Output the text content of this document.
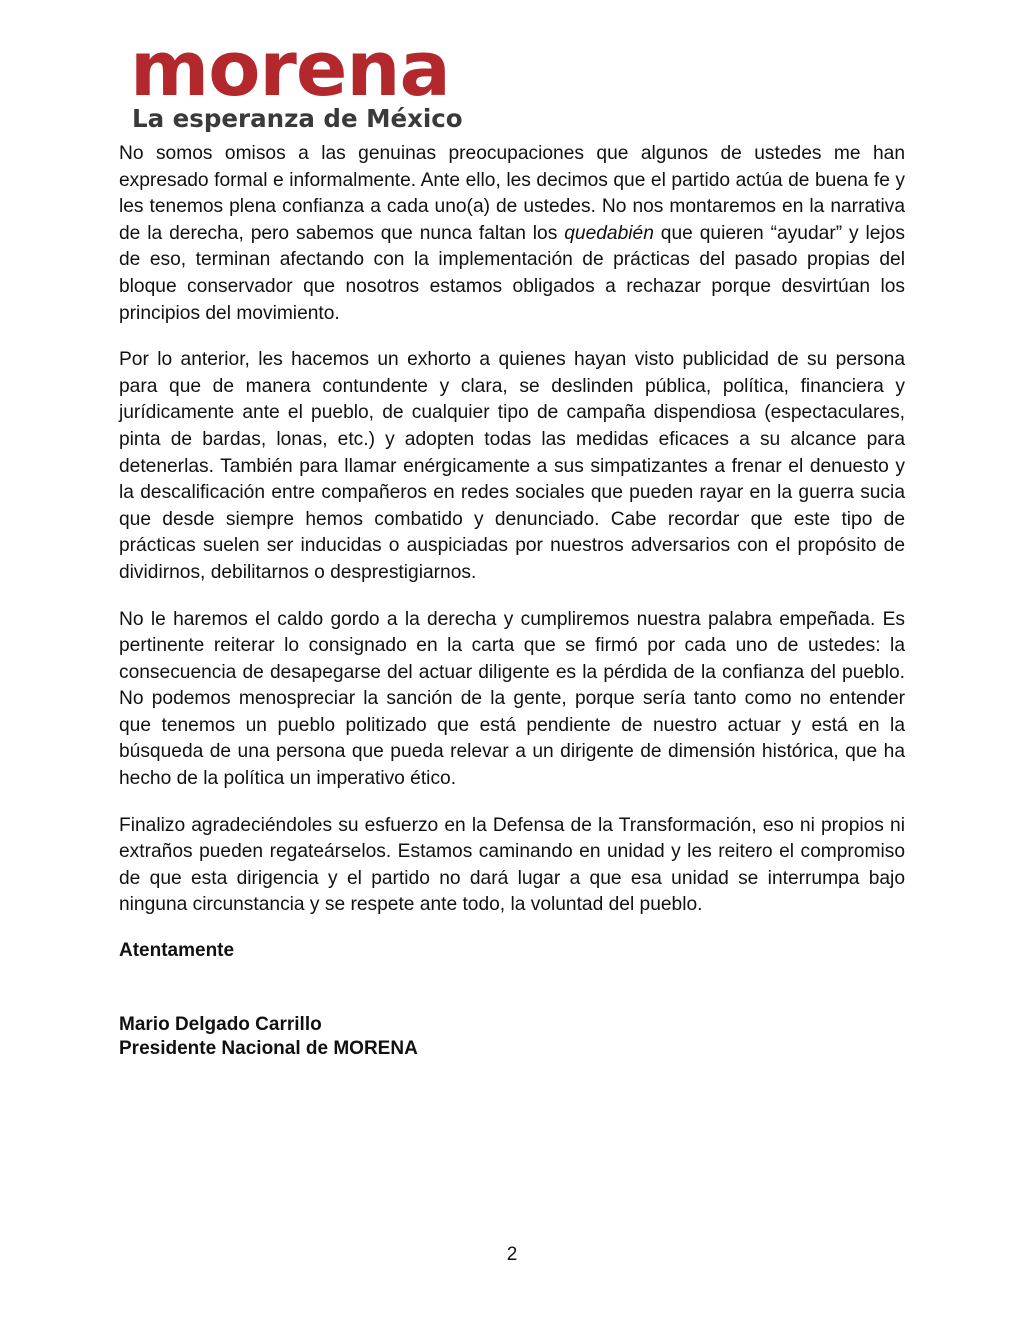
morena
La esperanza de México

No somos omisos a las genuinas preocupaciones que algunos de ustedes me han expresado formal e informalmente. Ante ello, les decimos que el partido actúa de buena fe y les tenemos plena confianza a cada uno(a) de ustedes. No nos montaremos en la narrativa de la derecha, pero sabemos que nunca faltan los quedabién que quieren “ayudar” y lejos de eso, terminan afectando con la implementación de prácticas del pasado propias del bloque conservador que nosotros estamos obligados a rechazar porque desvirtúan los principios del movimiento.

Por lo anterior, les hacemos un exhorto a quienes hayan visto publicidad de su persona para que de manera contundente y clara, se deslinden pública, política, financiera y jurídicamente ante el pueblo, de cualquier tipo de campaña dispendiosa (espectaculares, pinta de bardas, lonas, etc.) y adopten todas las medidas eficaces a su alcance para detenerlas. También para llamar enérgicamente a sus simpatizantes a frenar el denuesto y la descalificación entre compañeros en redes sociales que pueden rayar en la guerra sucia que desde siempre hemos combatido y denunciado. Cabe recordar que este tipo de prácticas suelen ser inducidas o auspiciadas por nuestros adversarios con el propósito de dividirnos, debilitarnos o desprestigiarnos.

No le haremos el caldo gordo a la derecha y cumpliremos nuestra palabra empeñada. Es pertinente reiterar lo consignado en la carta que se firmó por cada uno de ustedes: la consecuencia de desapegarse del actuar diligente es la pérdida de la confianza del pueblo. No podemos menospreciar la sanción de la gente, porque sería tanto como no entender que tenemos un pueblo politizado que está pendiente de nuestro actuar y está en la búsqueda de una persona que pueda relevar a un dirigente de dimensión histórica, que ha hecho de la política un imperativo ético.

Finalizo agradeciéndoles su esfuerzo en la Defensa de la Transformación, eso ni propios ni extraños pueden regateárselos. Estamos caminando en unidad y les reitero el compromiso de que esta dirigencia y el partido no dará lugar a que esa unidad se interrumpa bajo ninguna circunstancia y se respete ante todo, la voluntad del pueblo.

Atentamente

Mario Delgado Carrillo
Presidente Nacional de MORENA
2
